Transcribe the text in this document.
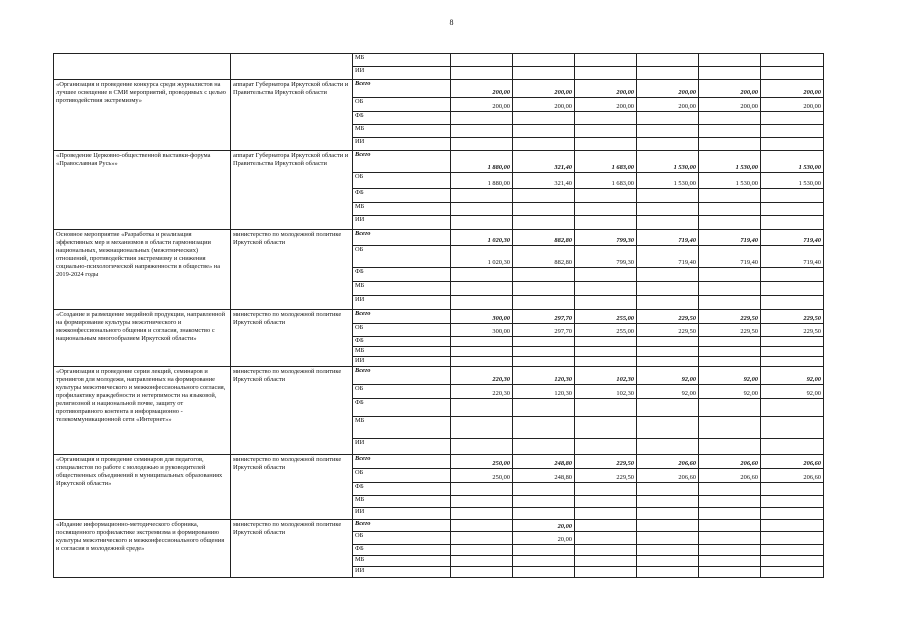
8
		МБ						
		ИИ						
«Организация и проведение конкурса среди журналистов на лучшее освещение в СМИ мероприятий, проводимых с целью противодействия экстремизму»	аппарат Губернатора Иркутской области и Правительства Иркутской области	Всего	200,00	200,00	200,00	200,00	200,00	200,00
		ОБ	200,00	200,00	200,00	200,00	200,00	200,00
		ФБ						
		МБ						
		ИИ						
«Проведение Церковно-общественной выставки-форума «Православная Русь»»	аппарат Губернатора Иркутской области и Правительства Иркутской области	Всего	1 880,00	321,40	1 683,00	1 530,00	1 530,00	1 530,00
		ОБ	1 880,00	321,40	1 683,00	1 530,00	1 530,00	1 530,00
		ФБ						
		МБ						
		ИИ						
Основное мероприятие «Разработка и реализация эффективных мер и механизмов в области гармонизации национальных, межнациональных (межэтнических) отношений, противодействия экстремизму и снижения социально-психологической напряженности в обществе» на 2019-2024 годы	министерство по молодежной политике Иркутской области	Всего	1 020,30	882,80	799,30	719,40	719,40	719,40
		ОБ	1 020,30	882,80	799,30	719,40	719,40	719,40
		ФБ						
		МБ						
		ИИ						
«Создание и размещение медийной продукции, направленной на формирование культуры межэтнического и межконфессионального общения и согласия, знакомство с национальным многообразием Иркутской области»	министерство по молодежной политике Иркутской области	Всего	300,00	297,70	255,00	229,50	229,50	229,50
		ОБ	300,00	297,70	255,00	229,50	229,50	229,50
		ФБ						
		МБ						
		ИИ						
«Организация и проведение серии лекций, семинаров и тренингов для молодежи, направленных на формирование культуры межэтнического и межконфессионального согласия, профилактику враждебности и нетерпимости на языковой, религиозной и национальной почве, защиту от противоправного контента в информационно - телекоммуникационной сети «Интернет»»	министерство по молодежной политике Иркутской области	Всего	220,30	120,30	102,30	92,00	92,00	92,00
		ОБ	220,30	120,30	102,30	92,00	92,00	92,00
		ФБ						
		МБ						
		ИИ						
«Организация и проведение семинаров для педагогов, специалистов по работе с молодежью и руководителей общественных объединений в муниципальных образованиях Иркутской области»	министерство по молодежной политике Иркутской области	Всего	250,00	248,80	229,50	206,60	206,60	206,60
		ОБ	250,00	248,80	229,50	206,60	206,60	206,60
		ФБ						
		МБ						
		ИИ						
«Издание информационно-методического сборника, посвященного профилактике экстремизма и формированию культуры межэтнического и межконфессионального общения и согласия в молодежной среде»	министерство по молодежной политике Иркутской области	Всего		20,00				
		ОБ		20,00				
		ФБ						
		МБ						
		ИИ						
